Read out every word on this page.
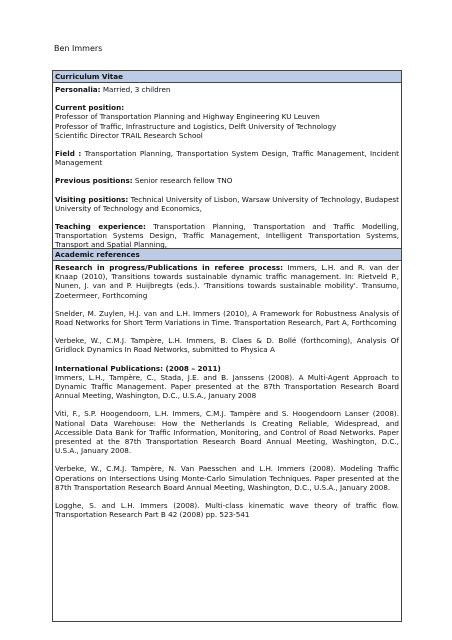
Ben Immers
Curriculum Vitae

Personalia: Married, 3 children

Current position:

Professor of Transportation Planning and Highway Engineering KU Leuven

Professor of Traffic, Infrastructure and Logistics, Delft University of Technology

Scientific Director TRAIL Research School

Field : Transportation Planning, Transportation System Design, Traffic Management, Incident Management

Previous positions: Senior research fellow TNO

Visiting positions: Technical University of Lisbon, Warsaw University of Technology, Budapest University of Technology and Economics,

Teaching experience: Transportation Planning, Transportation and Traffic Modelling, Transportation Systems Design, Traffic Management, Intelligent Transportation Systems, Transport and Spatial Planning,

Academic references

Research in progress/Publications in referee process: Immers, L.H. and R. van der Knaap (2010), Transitions towards sustainable dynamic traffic management. In: Rietveld P., Nunen, J. van and P. Huijbregts (eds.). 'Transitions towards sustainable mobility'. Transumo, Zoetermeer, Forthcoming

Snelder, M. Zuylen, H.J. van and L.H. Immers (2010), A Framework for Robustness Analysis of Road Networks for Short Term Variations in Time. Transportation Research, Part A, Forthcoming

Verbeke, W., C.M.J. Tampère, L.H. Immers, B. Claes & D. Bollé (forthcoming), Analysis Of Gridlock Dynamics In Road Networks, submitted to Physica A

International Publications: (2008 – 2011)

Immers, L.H., Tampère, C., Stada, J.E. and B. Janssens (2008). A Multi-Agent Approach to Dynamic Traffic Management. Paper presented at the 87th Transportation Research Board Annual Meeting, Washington, D.C., U.S.A., January 2008

Viti, F., S.P. Hoogendoorn, L.H. Immers, C.M.J. Tampère and S. Hoogendoorn Lanser (2008). National Data Warehouse: How the Netherlands Is Creating Reliable, Widespread, and Accessible Data Bank for Traffic Information, Monitoring, and Control of Road Networks. Paper presented at the 87th Transportation Research Board Annual Meeting, Washington, D.C., U.S.A., January 2008.

Verbeke, W., C.M.J. Tampère, N. Van Paesschen and L.H. Immers (2008). Modeling Traffic Operations on Intersections Using Monte-Carlo Simulation Techniques. Paper presented at the 87th Transportation Research Board Annual Meeting, Washington, D.C., U.S.A., January 2008.

Logghe, S. and L.H. Immers (2008). Multi-class kinematic wave theory of traffic flow. Transportation Research Part B 42 (2008) pp. 523-541
